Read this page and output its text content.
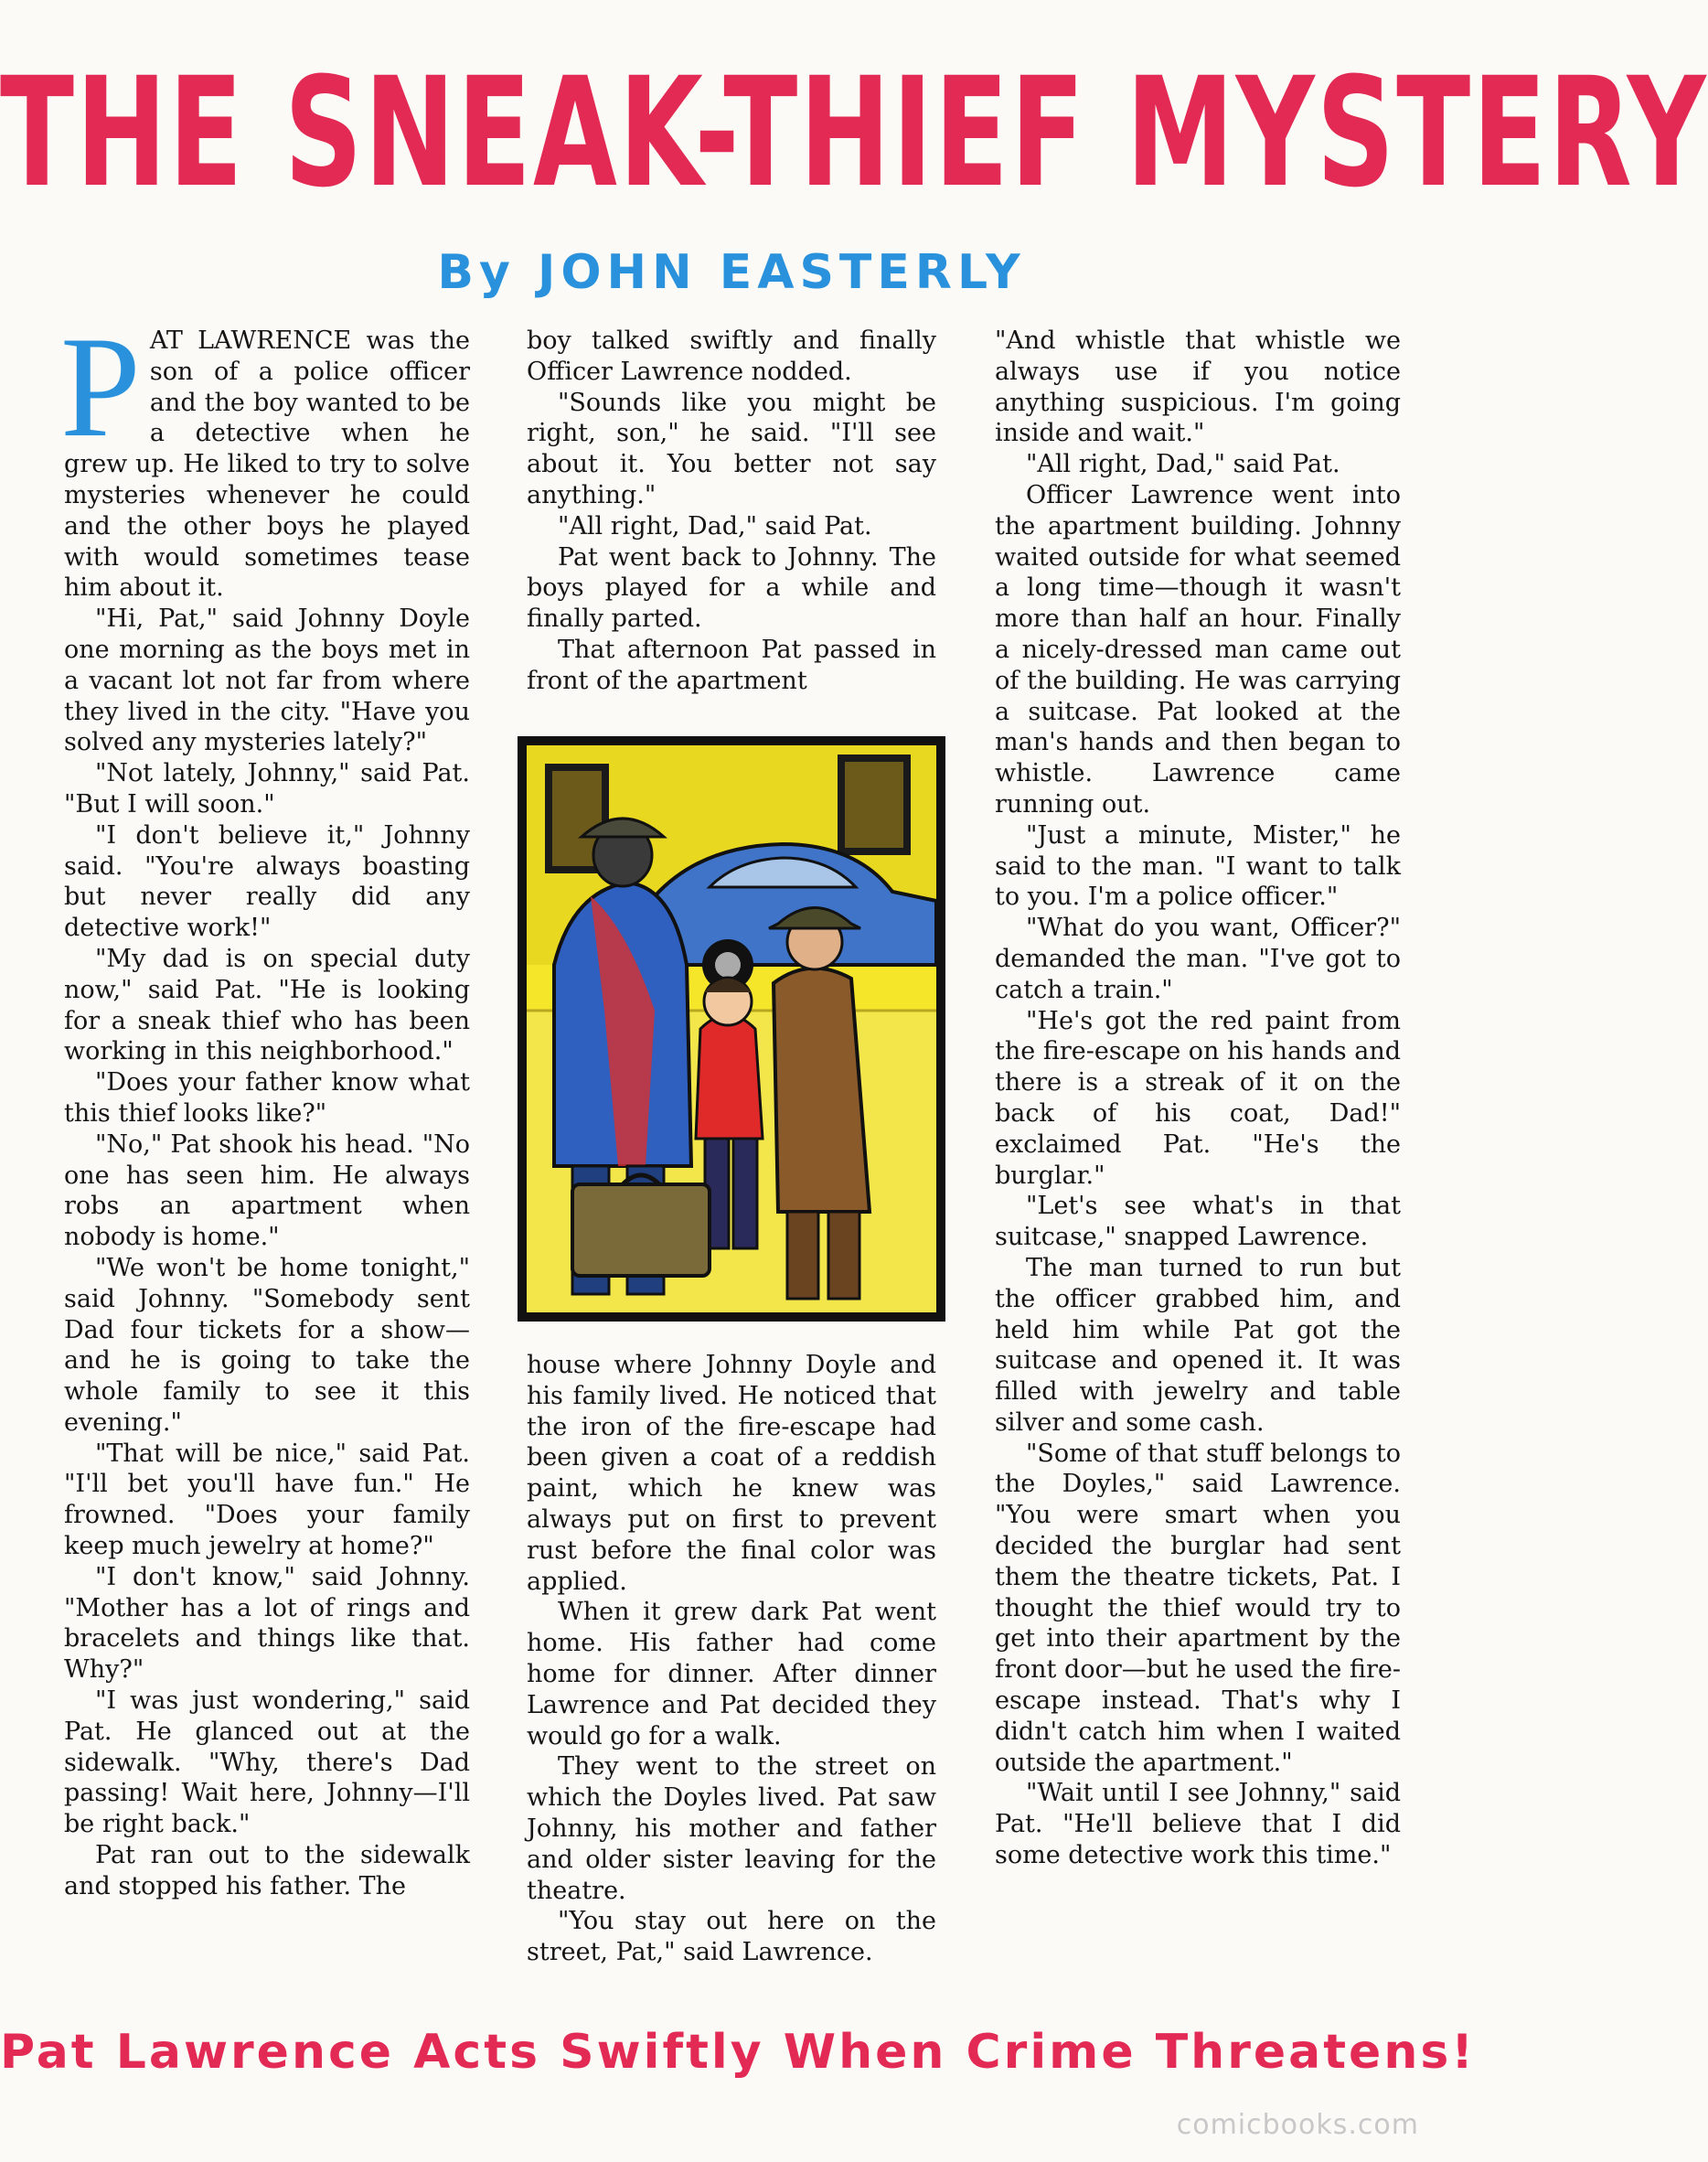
THE SNEAK-THIEF MYSTERY
By JOHN EASTERLY

PAT LAWRENCE was the son of a police officer and the boy wanted to be a detective when he grew up. He liked to try to solve mysteries whenever he could and the other boys he played with would sometimes tease him about it.

"Hi, Pat," said Johnny Doyle one morning as the boys met in a vacant lot not far from where they lived in the city. "Have you solved any mysteries lately?"

"Not lately, Johnny," said Pat. "But I will soon."

"I don't believe it," Johnny said. "You're always boasting but never really did any detective work!"

"My dad is on special duty now," said Pat. "He is looking for a sneak thief who has been working in this neighborhood."

"Does your father know what this thief looks like?"

"No," Pat shook his head. "No one has seen him. He always robs an apartment when nobody is home."

"We won't be home tonight," said Johnny. "Somebody sent Dad four tickets for a show—and he is going to take the whole family to see it this evening."

"That will be nice," said Pat. "I'll bet you'll have fun." He frowned. "Does your family keep much jewelry at home?"

"I don't know," said Johnny. "Mother has a lot of rings and bracelets and things like that. Why?"

"I was just wondering," said Pat. He glanced out at the sidewalk. "Why, there's Dad passing! Wait here, Johnny—I'll be right back."

Pat ran out to the sidewalk and stopped his father. The

boy talked swiftly and finally Officer Lawrence nodded.

"Sounds like you might be right, son," he said. "I'll see about it. You better not say anything."

"All right, Dad," said Pat.

Pat went back to Johnny. The boys played for a while and finally parted.

That afternoon Pat passed in front of the apartment

house where Johnny Doyle and his family lived. He noticed that the iron of the fire-escape had been given a coat of a reddish paint, which he knew was always put on first to prevent rust before the final color was applied.

When it grew dark Pat went home. His father had come home for dinner. After dinner Lawrence and Pat decided they would go for a walk.

They went to the street on which the Doyles lived. Pat saw Johnny, his mother and father and older sister leaving for the theatre.

"You stay out here on the street, Pat," said Lawrence.

"And whistle that whistle we always use if you notice anything suspicious. I'm going inside and wait."

"All right, Dad," said Pat.

Officer Lawrence went into the apartment building. Johnny waited outside for what seemed a long time—though it wasn't more than half an hour. Finally a nicely-dressed man came out of the building. He was carrying a suitcase. Pat looked at the man's hands and then began to whistle. Lawrence came running out.

"Just a minute, Mister," he said to the man. "I want to talk to you. I'm a police officer."

"What do you want, Officer?" demanded the man. "I've got to catch a train."

"He's got the red paint from the fire-escape on his hands and there is a streak of it on the back of his coat, Dad!" exclaimed Pat. "He's the burglar."

"Let's see what's in that suitcase," snapped Lawrence.

The man turned to run but the officer grabbed him, and held him while Pat got the suitcase and opened it. It was filled with jewelry and table silver and some cash.

"Some of that stuff belongs to the Doyles," said Lawrence. "You were smart when you decided the burglar had sent them the theatre tickets, Pat. I thought the thief would try to get into their apartment by the front door—but he used the fire-escape instead. That's why I didn't catch him when I waited outside the apartment."

"Wait until I see Johnny," said Pat. "He'll believe that I did some detective work this time."

Pat Lawrence Acts Swiftly When Crime Threatens!
comicbooks.com
